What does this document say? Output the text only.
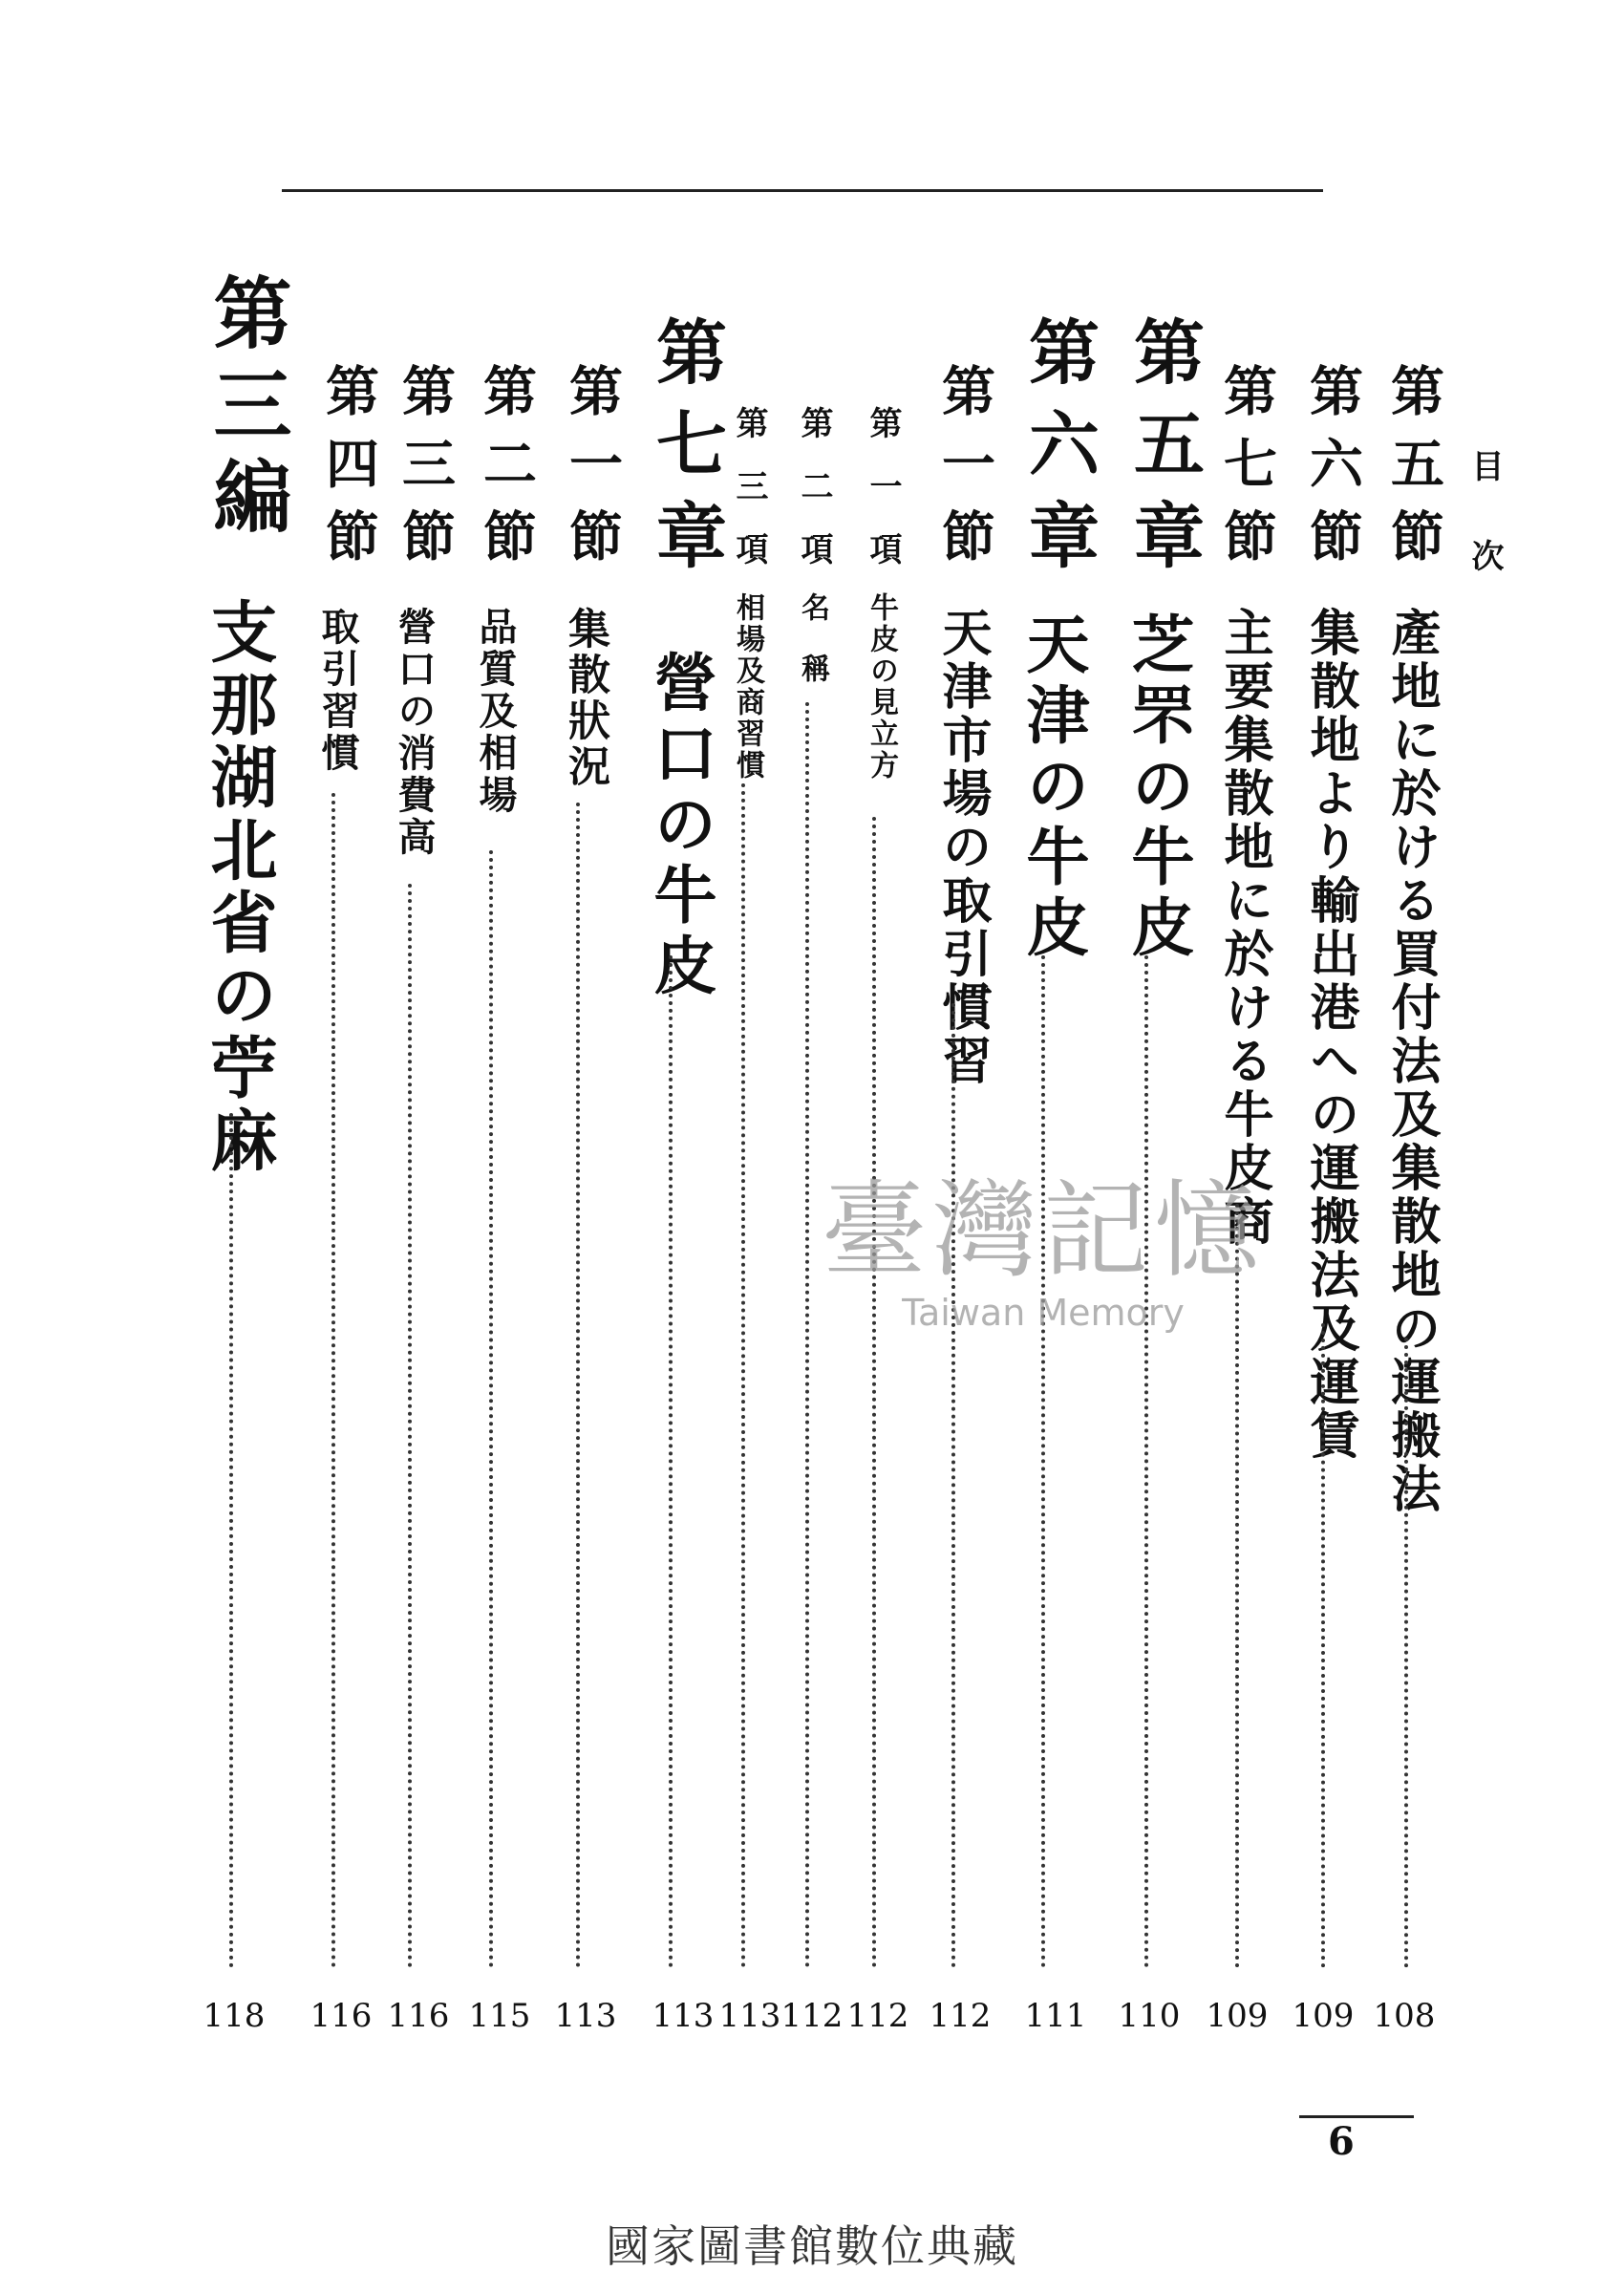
目次

第五節

產地に於ける買付法及集散地の運搬法

108

第六節

集散地より輸出港への運搬法及運賃

109

第七節

主要集散地に於ける牛皮商

109

第五章

芝罘の牛皮

110

第六章

天津の牛皮

111

第一節

天津市場の取引慣習

112

第一項

牛皮の見立方

112

第二項

名稱

112

第三項

相場及商習慣

113

第七章

營口の牛皮

113

第一節

集散狀況

113

第二節

品質及相場

115

第三節

營口の消費高

116

第四節

取引習慣

116

第三編

支那湖北省の苧麻

118

臺灣記憶
Taiwan Memory

6

國家圖書館數位典藏
